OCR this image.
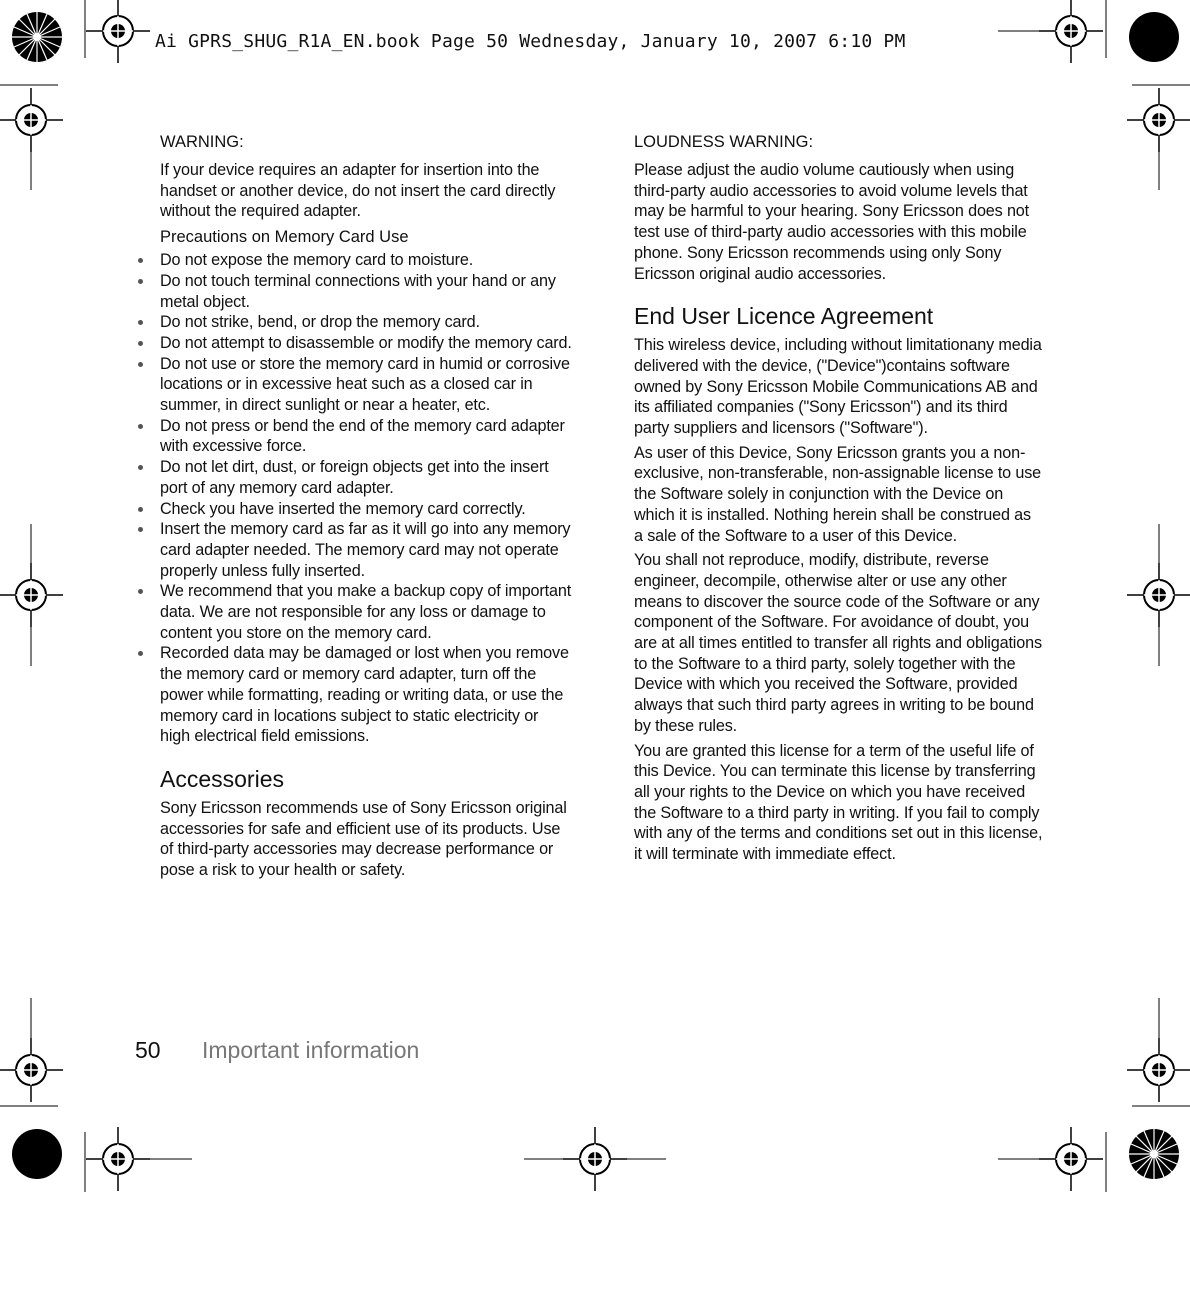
Ai GPRS_SHUG_R1A_EN.book Page 50 Wednesday, January 10, 2007 6:10 PM
WARNING:

If your device requires an adapter for insertion into the handset or another device, do not insert the card directly without the required adapter.

Precautions on Memory Card Use
Do not expose the memory card to moisture.
Do not touch terminal connections with your hand or any metal object.
Do not strike, bend, or drop the memory card.
Do not attempt to disassemble or modify the memory card.
Do not use or store the memory card in humid or corrosive locations or in excessive heat such as a closed car in summer, in direct sunlight or near a heater, etc.
Do not press or bend the end of the memory card adapter with excessive force.
Do not let dirt, dust, or foreign objects get into the insert port of any memory card adapter.
Check you have inserted the memory card correctly.
Insert the memory card as far as it will go into any memory card adapter needed. The memory card may not operate properly unless fully inserted.
We recommend that you make a backup copy of important data. We are not responsible for any loss or damage to content you store on the memory card.
Recorded data may be damaged or lost when you remove the memory card or memory card adapter, turn off the power while formatting, reading or writing data, or use the memory card in locations subject to static electricity or high electrical field emissions.
Accessories

Sony Ericsson recommends use of Sony Ericsson original accessories for safe and efficient use of its products. Use of third-party accessories may decrease performance or pose a risk to your health or safety.

LOUDNESS WARNING:

Please adjust the audio volume cautiously when using third-party audio accessories to avoid volume levels that may be harmful to your hearing. Sony Ericsson does not test use of third-party audio accessories with this mobile phone. Sony Ericsson recommends using only Sony Ericsson original audio accessories.

End User Licence Agreement

This wireless device, including without limitationany media delivered with the device, ("Device")contains software owned by Sony Ericsson Mobile Communications AB and its affiliated companies ("Sony Ericsson") and its third party suppliers and licensors ("Software").

As user of this Device, Sony Ericsson grants you a non-exclusive, non-transferable, non-assignable license to use the Software solely in conjunction with the Device on which it is installed. Nothing herein shall be construed as a sale of the Software to a user of this Device.

You shall not reproduce, modify, distribute, reverse engineer, decompile, otherwise alter or use any other means to discover the source code of the Software or any component of the Software. For avoidance of doubt, you are at all times entitled to transfer all rights and obligations to the Software to a third party, solely together with the Device with which you received the Software, provided always that such third party agrees in writing to be bound by these rules.

You are granted this license for a term of the useful life of this Device. You can terminate this license by transferring all your rights to the Device on which you have received the Software to a third party in writing. If you fail to comply with any of the terms and conditions set out in this license, it will terminate with immediate effect.

50 Important information
